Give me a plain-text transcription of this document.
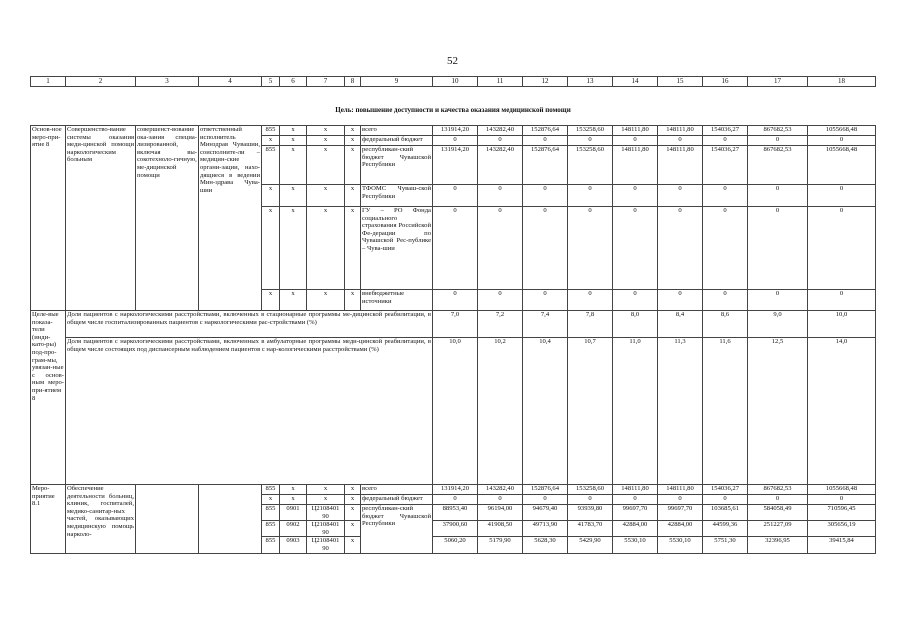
52
1	2	3	4	5	6	7	8	9	10	11	12	13	14	15	16	17	18
Цель: повышение доступности и качества оказания медицинской помощи																	
Основ-ное меро-при-ятие 8	Совершенство-вание системы оказания меди-цинской помощи наркологическим больным	совершенст-вование ока-зания специа-лизированной, включая вы-сокотехноло-гичную, ме-дицинской помощи	ответственный исполнитель Минздрав Чувашии, соисполните-ли – медицин-ские органи-зации, нахо-дящиеся в ведении Мин-здрава Чува-шии	855	x	x	x	всего	131914,20	143282,40	152876,64	153258,60	148111,80	148111,80	154036,27	867682,53	1055668,48
				x	x	x	x	федеральный бюджет	0	0	0	0	0	0	0	0	0
				855	x	x	x	республикан-ский бюджет Чувашской Республики	131914,20	143282,40	152876,64	153258,60	148111,80	148111,80	154036,27	867682,53	1055668,48
				x	x	x	x	ТФОМС Чуваш-ской Республики	0	0	0	0	0	0	0	0	0
				x	x	x	x	ГУ – РО Фонда социального страхования Российской Фе-дерации по Чувашской Рес-публике – Чува-шии	0	0	0	0	0	0	0	0	0
				x	x	x	x	внебюджетные источники	0	0	0	0	0	0	0	0	0
Целе-вые показа-тели (инди-като-ры) под-про-грам-мы, увязан-ные с основ-ным меро-при-ятием 8	Доля пациентов с наркологическими расстройствами, включенных в стационарные программы ме-дицинской реабилитации, в общем числе госпитализированных пациентов с наркологическими рас-стройствами (%)								7,0	7,2	7,4	7,8	8,0	8,4	8,6	9,0	10,0
	Доля пациентов с наркологическими расстройствами, включенных в амбулаторные программы меди-цинской реабилитации, в общем числе состоящих под диспансерным наблюдением пациентов с нар-кологическими расстройствами (%)								10,0	10,2	10,4	10,7	11,0	11,3	11,6	12,5	14,0
Меро-приятие 8.1	Обеспечение деятельности больниц, клиник, госпиталей, медико-санитар-ных частей, оказывающих медицинскую помощь нарколо-			855	x	x	x	всего	131914,20	143282,40	152876,64	153258,60	148111,80	148111,80	154036,27	867682,53	1055668,48
				x	x	x	x	федеральный бюджет	0	0	0	0	0	0	0	0	0
				855	0901	Ц2108401 90	x	республикан-ский бюджет Чувашской Республики	88953,40	96194,00	94679,40	93939,80	99697,70	99697,70	103685,61	584058,49	710596,45
				855	0902	Ц2108401 90	x		37900,60	41908,50	49713,90	41783,70	42884,00	42884,00	44599,36	251227,09	305656,19
				855	0903	Ц2108401 90	x		5060,20	5179,90	5628,30	5429,90	5530,10	5530,10	5751,30	32396,95	39415,84
